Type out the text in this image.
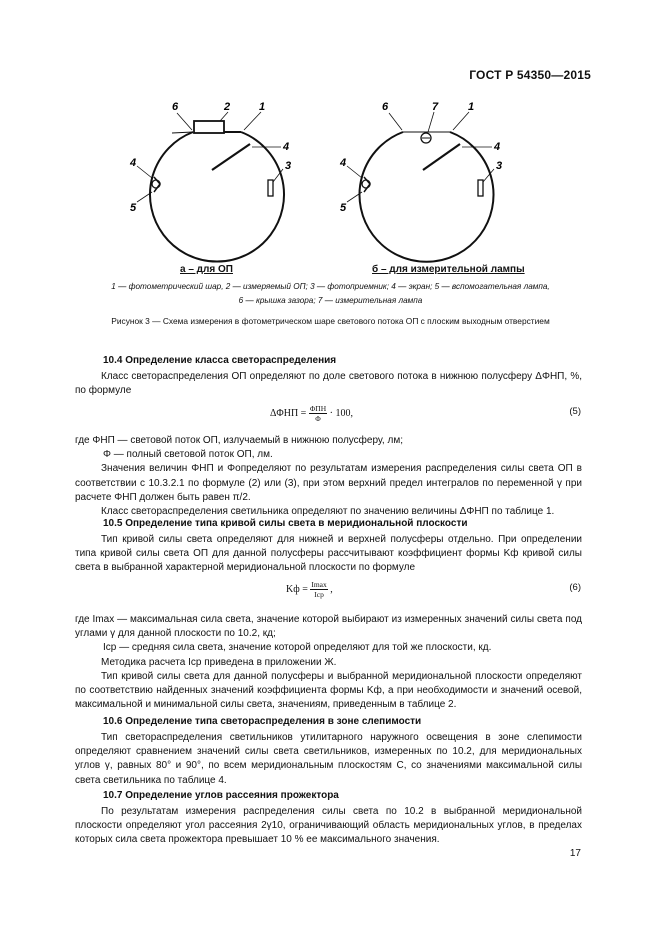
ГОСТ Р 54350—2015
6	2	1
4
3
4
5
6	7	1
4
3
4
5
а – для ОП	б – для измерительной лампы
1 — фотометрический шар, 2 — измеряемый ОП; 3 — фотоприемник; 4 — экран; 5 — вспомогательная лампа,
6 — крышка зазора; 7 — измерительная лампа
Рисунок 3 — Схема измерения в фотометрическом шаре светового потока ОП с плоским выходным отверстием
10.4 Определение класса светораспределения

Класс светораспределения ОП определяют по доле светового потока в нижнюю полусферу ΔΦНП, %, по формуле

$\Delta\Phi НП = \frac{\text{ΦПН}}{\Phi} \cdot 100$,	(5)
где ΦНП — световой поток ОП, излучаемый в нижнюю полусферу, лм;
Φ — полный световой поток ОП, лм.

Значения величин ΦНП и Φопределяют по результатам измерения распределения силы света ОП в соответствии с 10.3.2.1 по формуле (2) или (3), при этом верхний предел интегралов по переменной γ при расчете ΦНП должен быть равен π/2.

Класс светораспределения светильника определяют по значению величины ΔΦНП по таблице 1.

10.5 Определение типа кривой силы света в меридиональной плоскости

Тип кривой силы света определяют для нижней и верхней полусферы отдельно. При определении типа кривой силы света ОП для данной полусферы рассчитывают коэффициент формы Kф кривой силы света в выбранной характерной меридиональной плоскости по формуле

Kф = $\frac{Imax}{\text{Iср}}$ ,	(6)
где Imax — максимальная сила света, значение которой выбирают из измеренных значений силы света под углами γ для данной плоскости по 10.2, кд;
Iср — средняя сила света, значение которой определяют для той же плоскости, кд.

Методика расчета Iср приведена в приложении Ж.

Тип кривой силы света для данной полусферы и выбранной меридиональной плоскости определяют по соответствию найденных значений коэффициента формы Kф, а при необходимости и значений осевой, максимальной и минимальной силы света, значениям, приведенным в таблице 2.

10.6 Определение типа светораспределения в зоне слепимости

Тип светораспределения светильников утилитарного наружного освещения в зоне слепимости определяют сравнением значений силы света светильников, измеренных по 10.2, для меридиональных углов γ, равных 80° и 90°, по всем меридиональным плоскостям C, со значениями максимальной силы света светильника по таблице 4.

10.7 Определение углов рассеяния прожектора

По результатам измерения распределения силы света по 10.2 в выбранной меридиональной плоскости определяют угол рассеяния 2γ10, ограничивающий область меридиональных углов, в пределах которых сила света прожектора превышает 10 % ее максимального значения.

17
